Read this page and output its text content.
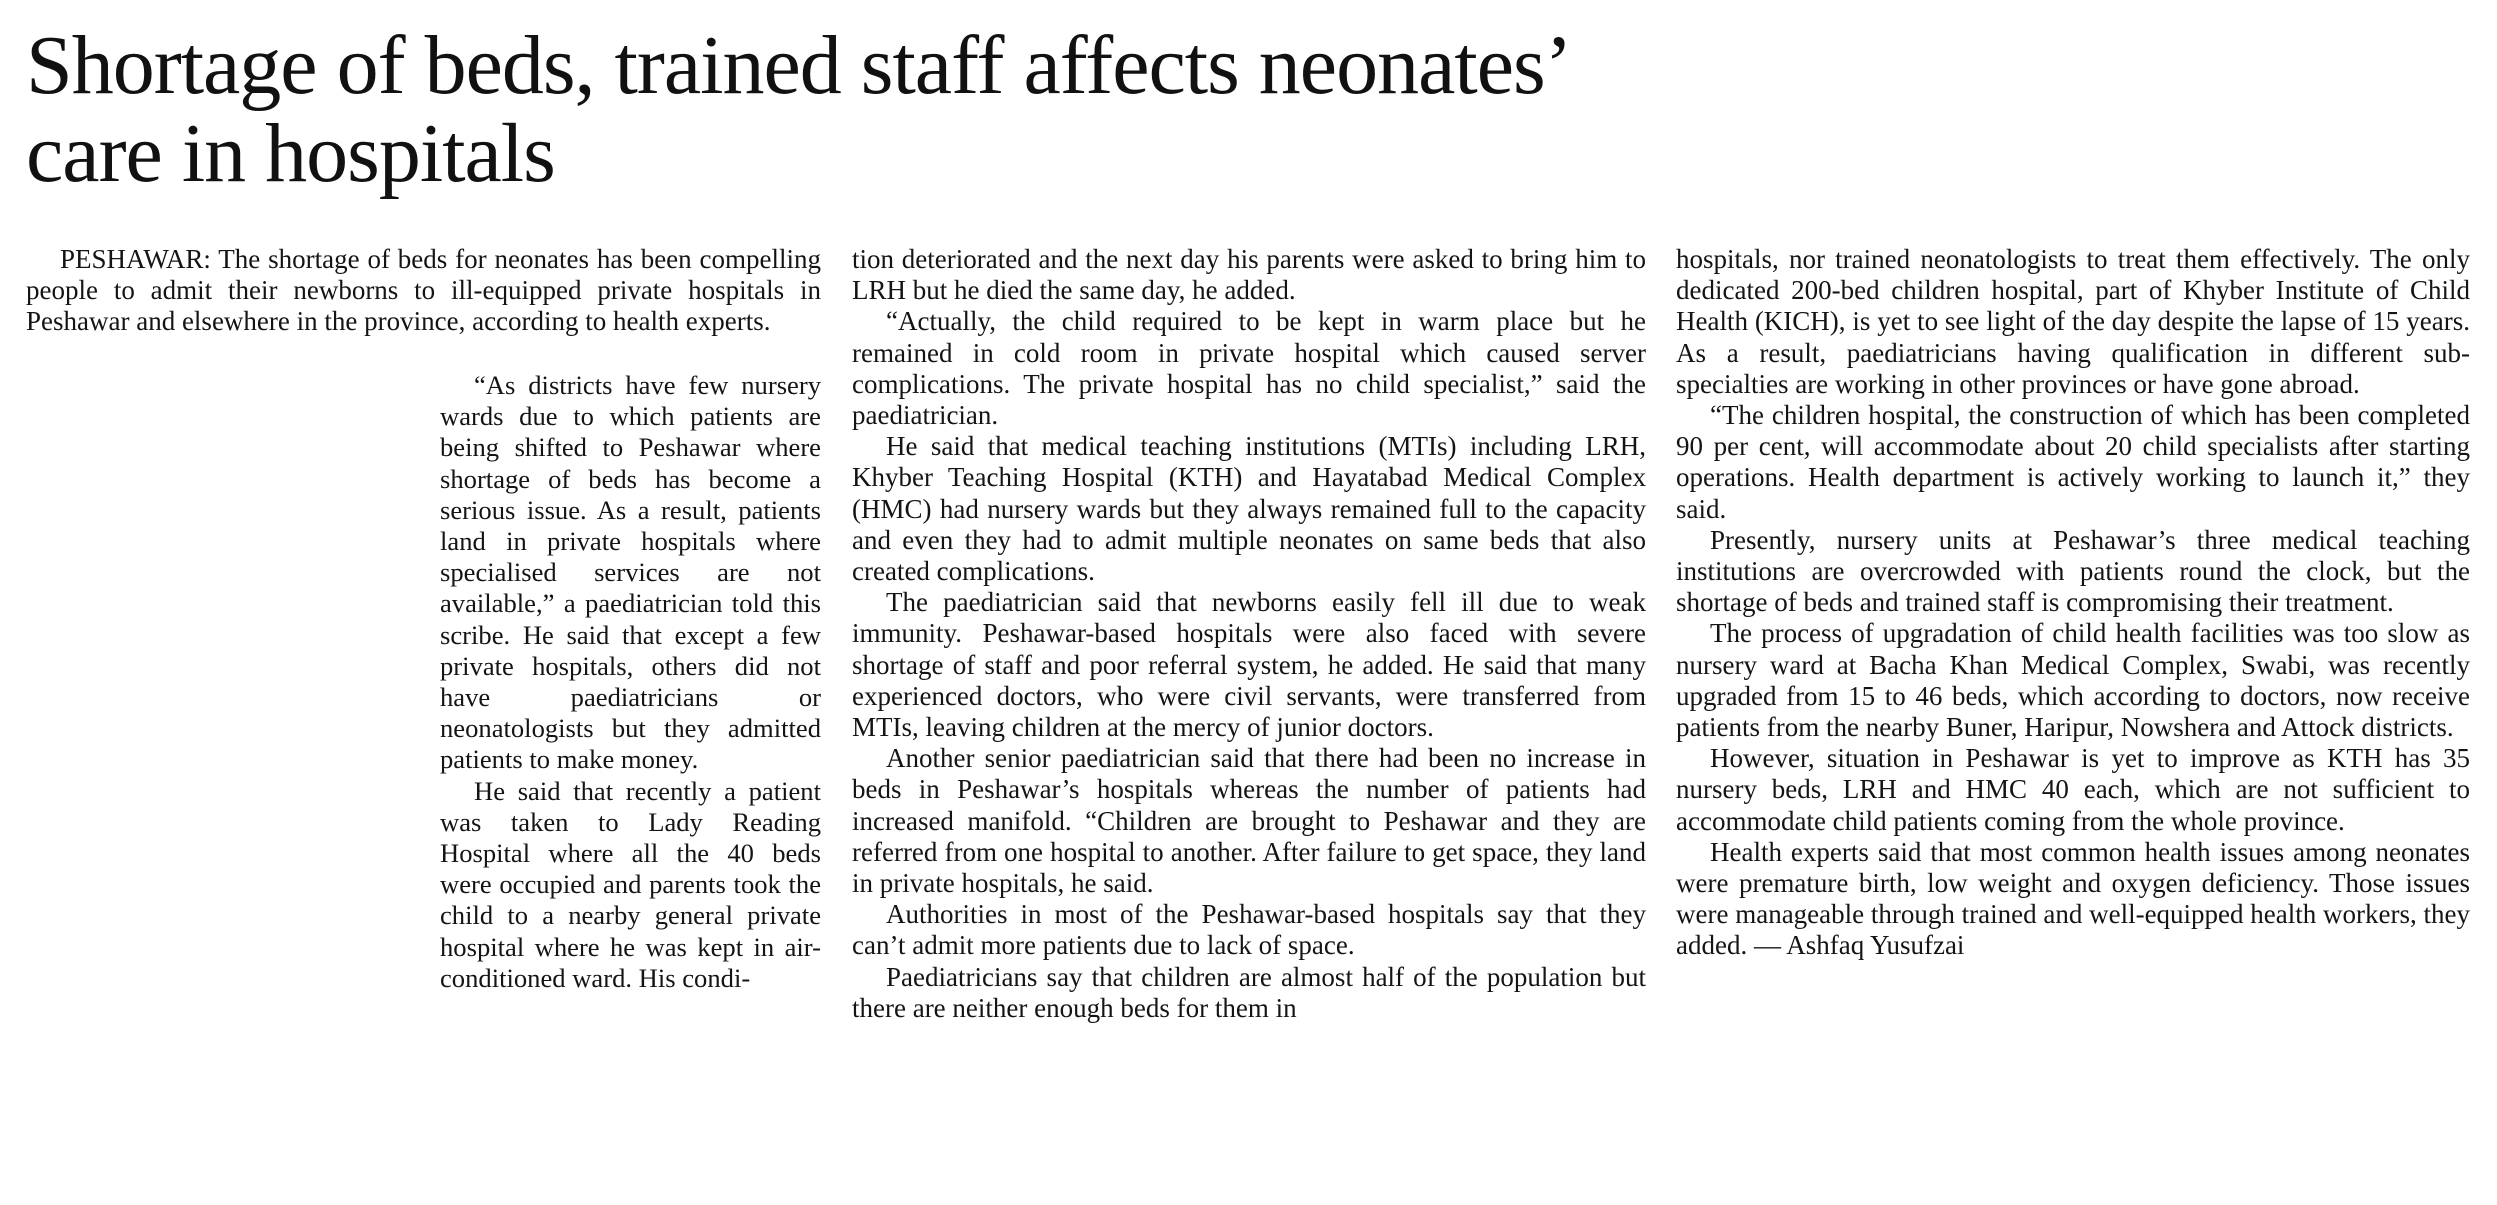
Shortage of beds, trained staff affects neonates’
care in hospitals

PESHAWAR: The shortage of beds for neonates has been compelling people to admit their newborns to ill-equipped private hospitals in Peshawar and elsewhere in the province, according to health experts.

“As districts have few nursery wards due to which patients are being shifted to Peshawar where shortage of beds has become a serious issue. As a result, patients land in private hospitals where specialised services are not available,” a paediatrician told this scribe. He said that except a few private hospitals, others did not have paediatricians or neonatologists but they admitted patients to make money.

He said that recently a patient was taken to Lady Reading Hospital where all the 40 beds were occupied and parents took the child to a nearby general private hospital where he was kept in air-conditioned ward. His condi-

tion deteriorated and the next day his parents were asked to bring him to LRH but he died the same day, he added.

“Actually, the child required to be kept in warm place but he remained in cold room in private hospital which caused server complications. The private hospital has no child specialist,” said the paediatrician.

He said that medical teaching institutions (MTIs) including LRH, Khyber Teaching Hospital (KTH) and Hayatabad Medical Complex (HMC) had nursery wards but they always remained full to the capacity and even they had to admit multiple neonates on same beds that also created complications.

The paediatrician said that newborns easily fell ill due to weak immunity. Peshawar-based hospitals were also faced with severe shortage of staff and poor referral system, he added. He said that many experienced doctors, who were civil servants, were transferred from MTIs, leaving children at the mercy of junior doctors.

Another senior paediatrician said that there had been no increase in beds in Peshawar’s hospitals whereas the number of patients had increased manifold. “Children are brought to Peshawar and they are referred from one hospital to another. After failure to get space, they land in private hospitals, he said.

Authorities in most of the Peshawar-based hospitals say that they can’t admit more patients due to lack of space.

Paediatricians say that children are almost half of the population but there are neither enough beds for them in

hospitals, nor trained neonatologists to treat them effectively. The only dedicated 200-bed children hospital, part of Khyber Institute of Child Health (KICH), is yet to see light of the day despite the lapse of 15 years. As a result, paediatricians having qualification in different sub-specialties are working in other provinces or have gone abroad.

“The children hospital, the construction of which has been completed 90 per cent, will accommodate about 20 child specialists after starting operations. Health department is actively working to launch it,” they said.

Presently, nursery units at Peshawar’s three medical teaching institutions are overcrowded with patients round the clock, but the shortage of beds and trained staff is compromising their treatment.

The process of upgradation of child health facilities was too slow as nursery ward at Bacha Khan Medical Complex, Swabi, was recently upgraded from 15 to 46 beds, which according to doctors, now receive patients from the nearby Buner, Haripur, Nowshera and Attock districts.

However, situation in Peshawar is yet to improve as KTH has 35 nursery beds, LRH and HMC 40 each, which are not sufficient to accommodate child patients coming from the whole province.

Health experts said that most common health issues among neonates were premature birth, low weight and oxygen deficiency. Those issues were manageable through trained and well-equipped health workers, they added. — Ashfaq Yusufzai
